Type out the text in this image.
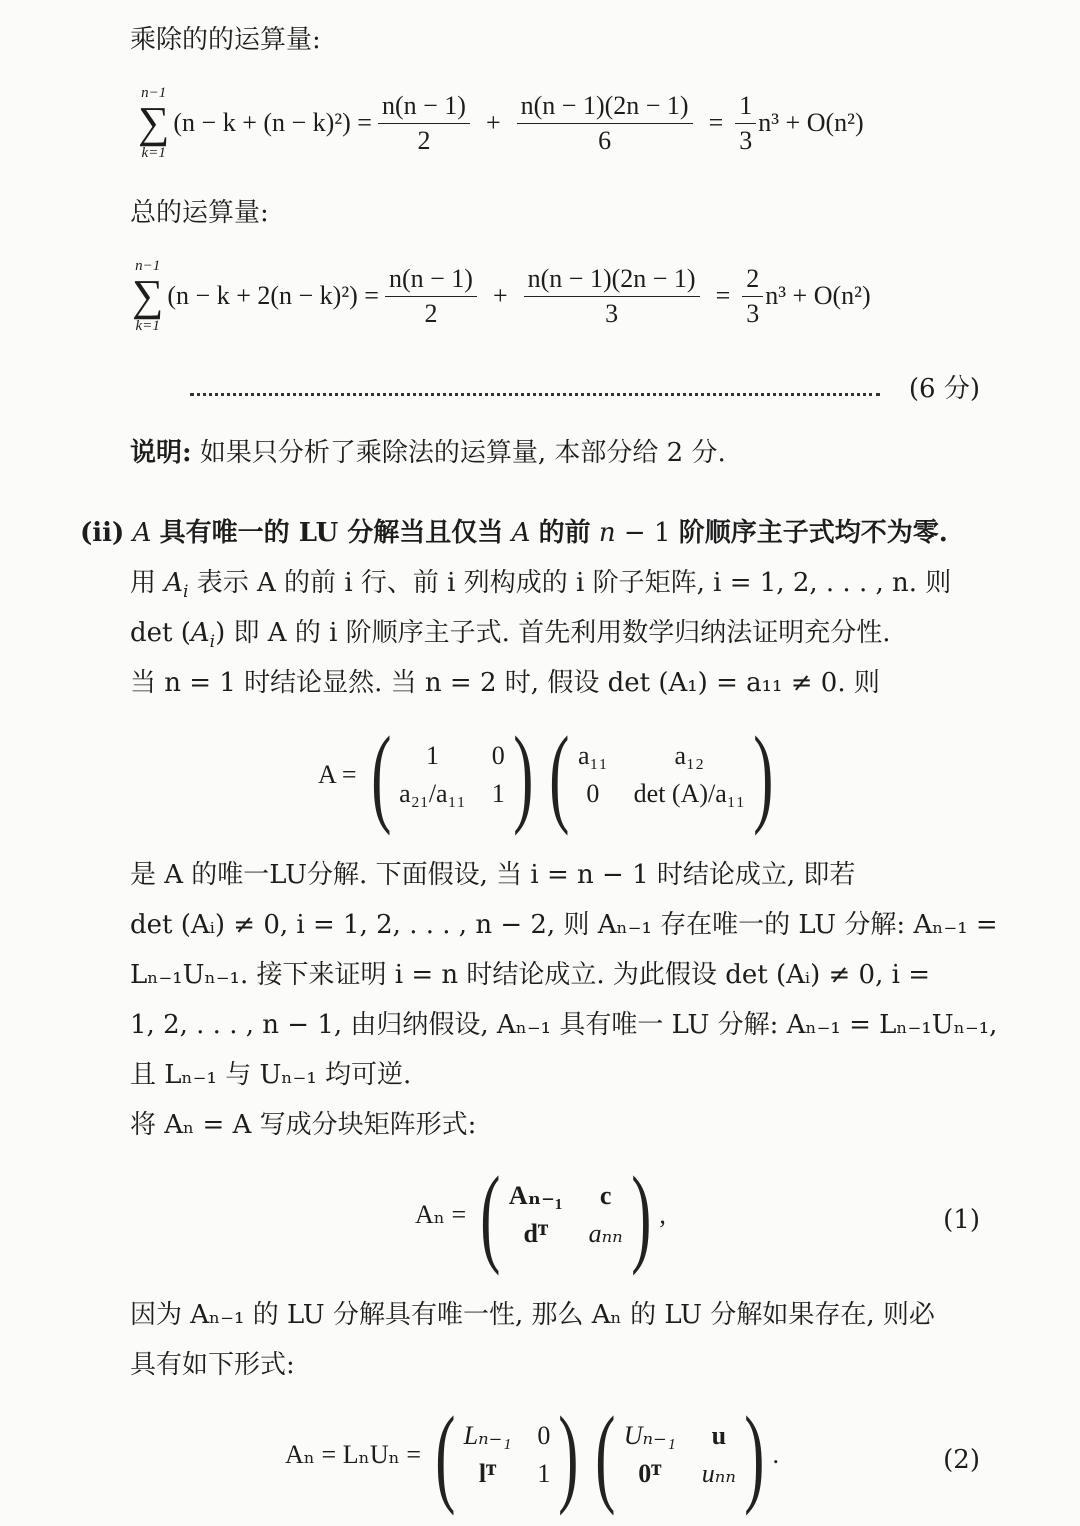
乘除的的运算量:
n−1
∑
k=1
$(n - k + (n - k)^2) = \frac{n(n - 1)}{2} + \frac{n(n - 1)(2n - 1)}{6} = \frac{1}{3} n^3 + O(n^2)$
总的运算量:
n−1
∑
k=1
$(n - k + 2(n - k)^2) = \frac{n(n - 1)}{2} + \frac{n(n - 1)(2n - 1)}{3} = \frac{2}{3} n^3 + O(n^2)$
(6 分)
说明: 如果只分析了乘除法的运算量, 本部分给 2 分.
(ii) A 具有唯一的 LU 分解当且仅当 A 的前 n − 1 阶顺序主子式均不为零.
用 $A_i$ 表示 A 的前 i 行、前 i 列构成的 i 阶子矩阵, i = 1, 2, . . . , n. 则
$\det (A_i)$ 即 A 的 i 阶顺序主子式. 首先利用数学归纳法证明充分性.
当 n = 1 时结论显然. 当 n = 2 时, 假设 det (A₁) = a₁₁ ≠ 0. 则
A = ( 1 0
a₂₁/a₁₁ 1 ) ( a₁₁	a₁₂
0 det (A)/a₁₁ )
是 A 的唯一LU分解. 下面假设, 当 i = n − 1 时结论成立, 即若
det (Aᵢ) ≠ 0, i = 1, 2, . . . , n − 2, 则 Aₙ₋₁ 存在唯一的 LU 分解: Aₙ₋₁ =
Lₙ₋₁Uₙ₋₁. 接下来证明 i = n 时结论成立. 为此假设 det (Aᵢ) ≠ 0, i =
1, 2, . . . , n − 1, 由归纳假设, Aₙ₋₁ 具有唯一 LU 分解: Aₙ₋₁ = Lₙ₋₁Uₙ₋₁,
且 Lₙ₋₁ 与 Uₙ₋₁ 均可逆.
将 Aₙ = A 写成分块矩阵形式:
Aₙ = ( Aₙ₋₁ c
dᵀ aₙₙ ) ,	(1)
因为 Aₙ₋₁ 的 LU 分解具有唯一性, 那么 Aₙ 的 LU 分解如果存在, 则必
具有如下形式:
Aₙ = LₙUₙ = ( Lₙ₋₁ 0
lᵀ 1 ) ( Uₙ₋₁ u
0ᵀ uₙₙ ) .	(2)
